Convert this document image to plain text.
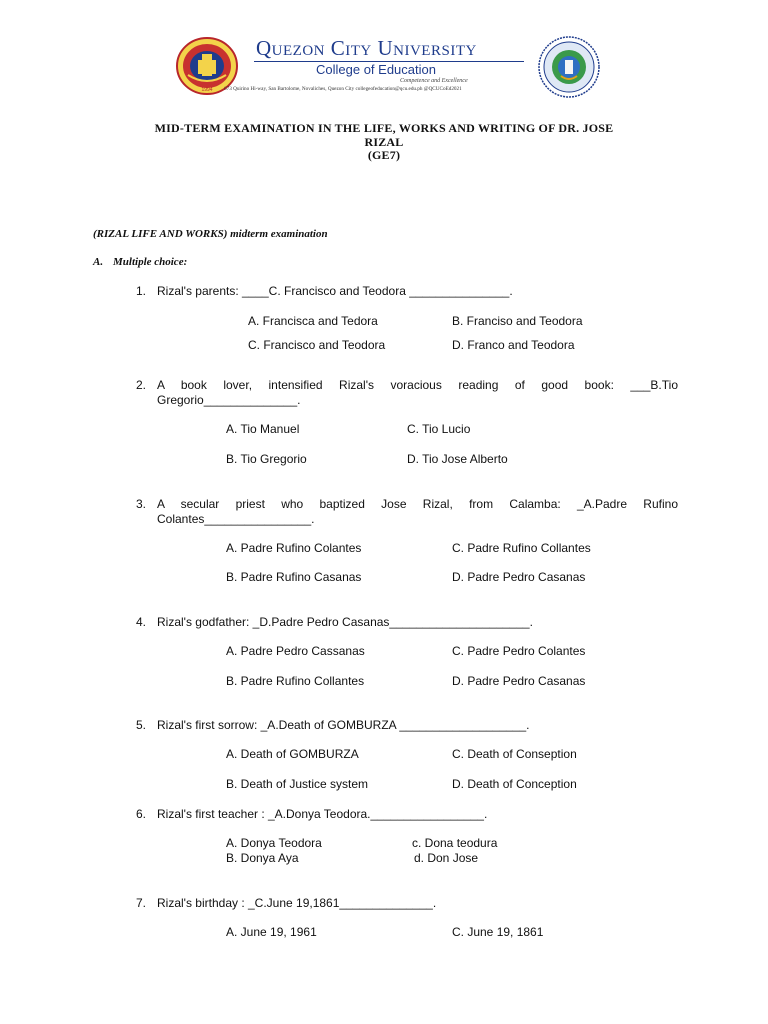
1994
Quezon City University
College of Education
Competence and Excellence
673 Quirino Hi-way, San Bartolome, Novaliches, Quezon City collegeofeducation@qcu.edu.ph @QCUCoEd2021
MID-TERM EXAMINATION IN THE LIFE, WORKS AND WRITING OF DR. JOSE
RIZAL
(GE7)
(RIZAL LIFE AND WORKS) midterm examination
A. Multiple choice:
1. Rizal's parents: ____C. Francisco and Teodora _______________.
A. Francisca and Tedora	B. Franciso and Teodora
C. Francisco and Teodora	D. Franco and Teodora
2. A book lover, intensified Rizal's voracious reading of good book: ___B.Tio Gregorio______________.
A. Tio Manuel	C. Tio Lucio
B. Tio Gregorio	D. Tio Jose Alberto
3. A secular priest who baptized Jose Rizal, from Calamba: _A.Padre Rufino Colantes________________.
A. Padre Rufino Colantes	C. Padre Rufino Collantes
B. Padre Rufino Casanas	D. Padre Pedro Casanas
4. Rizal's godfather: _D.Padre Pedro Casanas_____________________.
A. Padre Pedro Cassanas	C. Padre Pedro Colantes
B. Padre Rufino Collantes	D. Padre Pedro Casanas
5. Rizal's first sorrow: _A.Death of GOMBURZA ___________________.
A. Death of GOMBURZA	C. Death of Conseption
B. Death of Justice system	D. Death of Conception
6. Rizal's first teacher : _A.Donya Teodora._________________.
A. Donya Teodora	c. Dona teodura
B. Donya Aya	d. Don Jose
7. Rizal's birthday : _C.June 19,1861______________.
A. June 19, 1961	C. June 19, 1861
